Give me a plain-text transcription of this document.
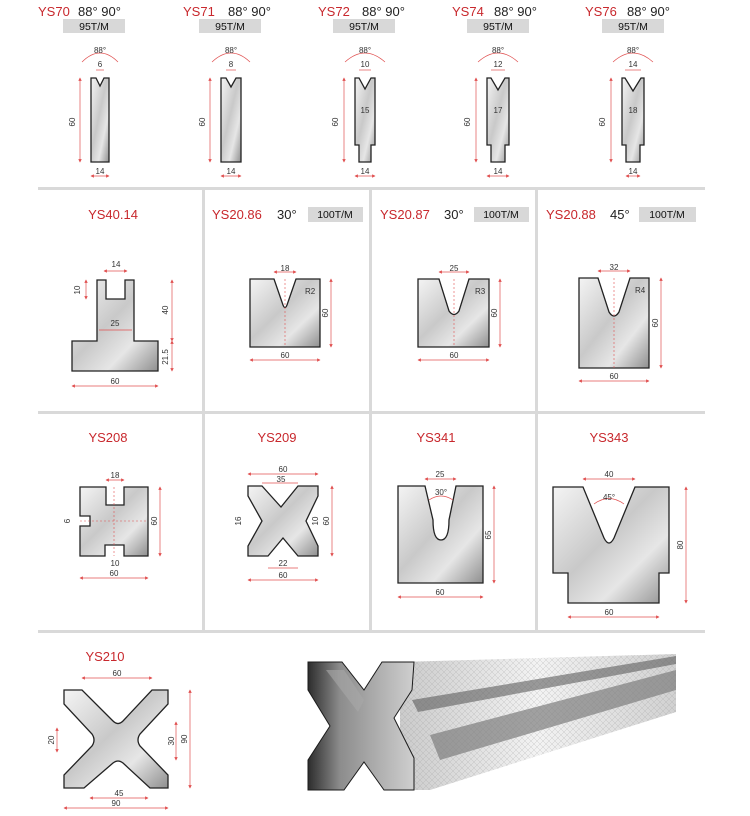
YS70 88° 90°
95T/M
88°
6
60
14
YS71 88° 90°
95T/M
88°
8
60
14
YS72 88° 90°
95T/M
88°
10
15
60
14
YS74 88° 90°
95T/M
88°
12
17
60
14
YS76 88° 90°
95T/M
88°
14
18
60
14
YS40.14
14
10
25
40
21.5
60
YS20.86 30° 100T/M
18
R2
60
60
YS20.87 30° 100T/M
25
R3
60
60
YS20.88 45° 100T/M
32
R4
60
60
YS208
18
6	60
10
60
YS209
60
35
16	10 60
22
60
YS341
25
30°
65
60
YS343
40
45°
80
60
YS210
60
20	30 90
45
90
